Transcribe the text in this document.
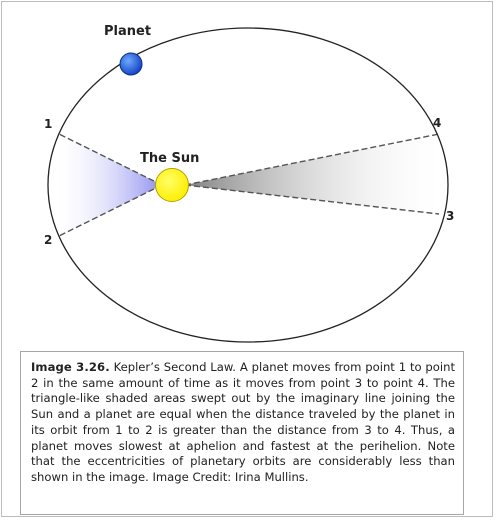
Planet
The Sun
1
2
3
4
Image 3.26. Kepler’s Second Law. A planet moves from point 1 to point 2 in the same amount of time as it moves from point 3 to point 4. The triangle-like shaded areas swept out by the imaginary line joining the Sun and a planet are equal when the distance traveled by the planet in its orbit from 1 to 2 is greater than the distance from 3 to 4. Thus, a planet moves slowest at aphelion and fastest at the perihelion. Note that the eccentricities of planetary orbits are considerably less than shown in the image. Image Credit: Irina Mullins.
